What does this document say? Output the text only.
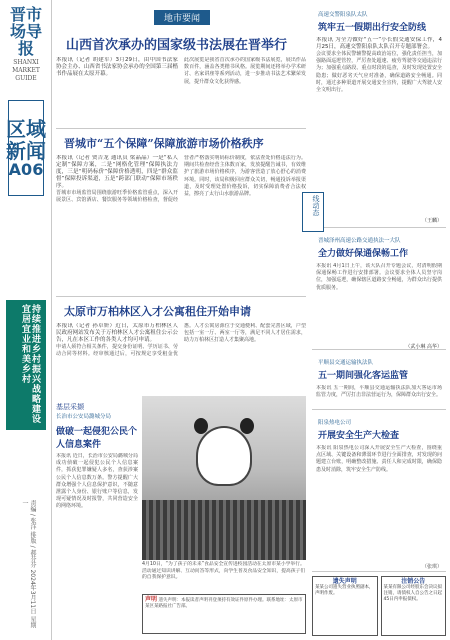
晋市场导报
SHANXI MARKET GUIDE
区域新闻
A06
持续推进乡村振兴战略建设宜居宜业和美乡村
责编 / 张洋 排版 / 郝芬芬 2024年3月11日 星期一
地市要闻
山西首次承办的国家级书法展在晋举行

本报讯（记者 胡建军）3月29日，由中国书法家协会主办、山西省书法家协会承办的全国第三届楷书作品展在太原开幕。

此次展览是我省首次承办的国家级书法展览，展出作品数百件，涵盖各类楷书风格。展览期间还将举办学术研讨、名家讲座等系列活动，进一步推动书法艺术繁荣发展，提升群众文化获得感。

晋城市“五个保障”保障旅游市场价格秩序

本报讯（记者 贾吉龙 通讯员 梁晶晶）一是“私人定制”保障方案，二是“网格化管理”保障执法力度，三是“明码标价”保障价格透明，四是“群众监督”保障投诉渠道，五是“跨部门联动”保障市场秩序。

晋城市市场监管局围绕旅游旺季价格监管重点，深入开展景区、宾馆酒店、餐饮服务等领域价格检查，督促经营者严格落实明码标价制度，依法查处价格违法行为。期间共检查经营主体数百家，发放提醒告诫书，有效维护了旅游市场价格秩序，为游客营造了放心舒心的消费环境。同时，该局积极回应群众关切，畅通投诉举报渠道，及时受理处置价格投诉，切实保障消费者合法权益，擦亮了太行山水旅游品牌。

太原市万柏林区入才公寓租住开始申请

本报讯（记者 孙卓妍）近日，太原市万柏林区人民政府网站发布关于万柏林区人才公寓租住公示公告，凡在本区工作的各类人才均可申请。

申请人须符合相关条件，提交身份证明、学历证书、劳动合同等材料。经审核通过后，可按规定享受租金优惠。人才公寓房源位于交通便利、配套完善区域，户型包括一室一厅、两室一厅等，满足不同人才居住需求，助力万柏林区打造人才集聚高地。

基层采撷
长治市公安局潞城分局
做破一起侵犯公民个人信息案件
本报讯 近日，长治市公安局潞城分局成功侦破一起侵犯公民个人信息案件，抓获犯罪嫌疑人多名，查获涉案公民个人信息数万条。警方提醒广大群众增强个人信息保护意识，不随意泄露个人身份、银行账户等信息，发现可疑情况及时报警，共同营造安全的网络环境。
4月10日，“为了孩子的未来”食品安全宣传进校园活动在太原市某小学举行。活动通过知识讲解、互动问答等形式，向学生普及食品安全知识，提高孩子们的自我保护意识。
声明 遗失声明：本报读者声明刊登须持有效证件原件办理。联系地址：太原市某区某路报社广告部。
高速交警阳泉队太队
筑牢五一假期出行安全防线

本报讯 为全力做好“五一”小长假交通安保工作，4月25日，高速交警阳泉队太队召开专题部署会。

会议要求全体民警辅警提高政治站位，强化责任担当，加强路面巡逻管控，严厉查处超速、疲劳驾驶等交通违法行为；加强重点路段、重点时段的巡查，及时发现处置安全隐患；做好恶劣天气应对准备，确保道路安全畅通。同时，通过多种渠道开展交通安全宣传，提醒广大驾驶人安全文明出行。

（王麟）
线动态
晋城泽州高速公路交通执法一大队
全力做好保通保畅工作
本报讯 4月1日上午，该大队召开专题会议，对清明假期保通保畅工作进行安排部署。会议要求全体人员坚守岗位，加强巡逻，确保辖区道路安全畅通，为群众出行提供优质服务。
（武小琳 高华）
平顺县交通运输执法队
五一期间强化客运监管
本报讯 五一期间，平顺县交通运输执法队加大客运市场监管力度，严厉打击非法营运行为，保障群众出行安全。
阳泉热电公司
开展安全生产大检查
本报讯 阳泉热电公司深入开展安全生产大检查，围绕重点区域、关键设备和薄弱环节进行全面排查，对发现的问题建立台账，明确整改措施、责任人和完成时限，确保隐患及时消除，筑牢安全生产防线。
（张琪）
遗失声明
某某公司遗失营业执照副本，声明作废。
注销公告
某某有限公司经股东会决议拟注销，请债权人自公告之日起45日内申报债权。
